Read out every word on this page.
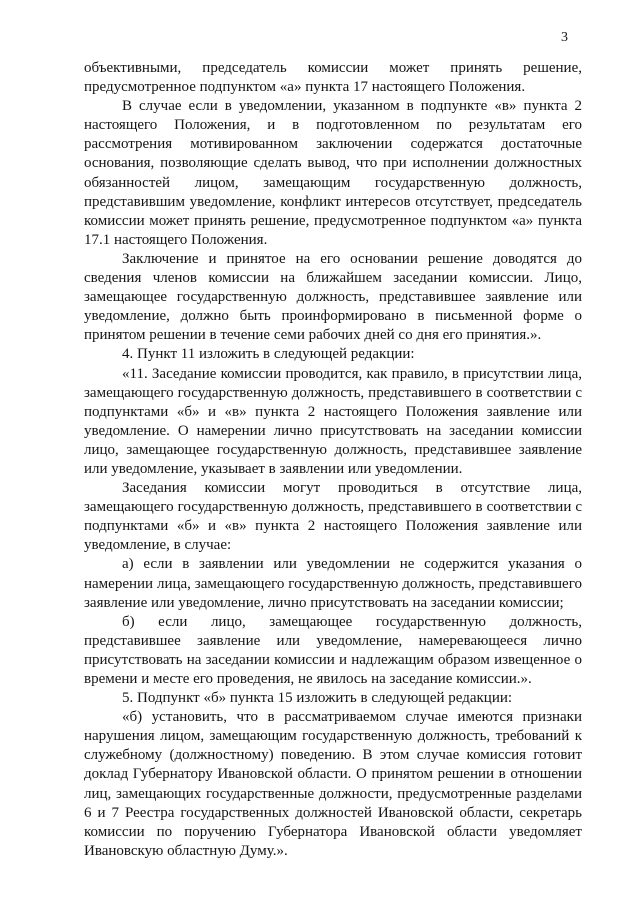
3

объективными, председатель комиссии может принять решение, предусмотренное подпунктом «а» пункта 17 настоящего Положения.

В случае если в уведомлении, указанном в подпункте «в» пункта 2 настоящего Положения, и в подготовленном по результатам его рассмотрения мотивированном заключении содержатся достаточные основания, позволяющие сделать вывод, что при исполнении должностных обязанностей лицом, замещающим государственную должность, представившим уведомление, конфликт интересов отсутствует, председатель комиссии может принять решение, предусмотренное подпунктом «а» пункта 17.1 настоящего Положения.

Заключение и принятое на его основании решение доводятся до сведения членов комиссии на ближайшем заседании комиссии. Лицо, замещающее государственную должность, представившее заявление или уведомление, должно быть проинформировано в письменной форме о принятом решении в течение семи рабочих дней со дня его принятия.».

4. Пункт 11 изложить в следующей редакции:

«11. Заседание комиссии проводится, как правило, в присутствии лица, замещающего государственную должность, представившего в соответствии с подпунктами «б» и «в» пункта 2 настоящего Положения заявление или уведомление. О намерении лично присутствовать на заседании комиссии лицо, замещающее государственную должность, представившее заявление или уведомление, указывает в заявлении или уведомлении.

Заседания комиссии могут проводиться в отсутствие лица, замещающего государственную должность, представившего в соответствии с подпунктами «б» и «в» пункта 2 настоящего Положения заявление или уведомление, в случае:

а) если в заявлении или уведомлении не содержится указания о намерении лица, замещающего государственную должность, представившего заявление или уведомление, лично присутствовать на заседании комиссии;

б) если лицо, замещающее государственную должность, представившее заявление или уведомление, намеревающееся лично присутствовать на заседании комиссии и надлежащим образом извещенное о времени и месте его проведения, не явилось на заседание комиссии.».

5. Подпункт «б» пункта 15 изложить в следующей редакции:

«б) установить, что в рассматриваемом случае имеются признаки нарушения лицом, замещающим государственную должность, требований к служебному (должностному) поведению. В этом случае комиссия готовит доклад Губернатору Ивановской области. О принятом решении в отношении лиц, замещающих государственные должности, предусмотренные разделами 6 и 7 Реестра государственных должностей Ивановской области, секретарь комиссии по поручению Губернатора Ивановской области уведомляет Ивановскую областную Думу.».
